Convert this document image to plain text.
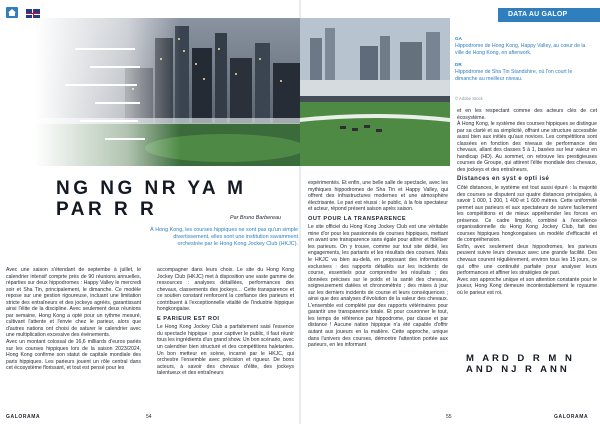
DATA AU GALOP
GA
Hippodrome de Hong Kong, Happy Valley, au cœur de la ville de Hong Kong, en afterwork.
DR
Hippodrome de Sha Tin Standshire, où l'on court le dimanche au meilleur niveau.
© Adobe Stock
NG NG NR YA M PAR R R	Par Bruno Barbereau
À Hong Kong, les courses hippiques ne sont pas qu'un simple divertissement, elles sont une institution savamment orchestrée par le Hong Kong Jockey Club (HKJC).

Avec une saison s'étendant de septembe à juillet, le calendrier intensif comprte près de 90 réunions annuelles, réparties sur deux hippodromes : Happy Valley le mercredi soir et Sha Tin, principalement, le dimanche. Ce modèle repose sur une gestion rigoureuse, incluant une limitation stricte des entraîneurs et des jockeys agréés, garantissant ainsi l'élite de la discipline. Avec seulement deux réunions par semaine, Hong Kong a opté pour un rythme mesuré, cultivant l'attente et l'envie chez le parieur, alors que d'autres nations ont choisi de saturer le calendrier avec une multiplication excessive des événements.

Avec un montant colossal de 16,6 milliards d'euros pariés sur les courses hippiques lors de la saison 2023/2024, Hong Kong confirme son statut de capitale mondiale des paris hippiques. Les parieurs jouent un rôle central dans cet écosystème florissant, et tout est pensé pour les

accompagner dans leurs choix. Le site du Hong Kong Jockey Club (HKJC) met à disposition une vaste gamme de ressources : analyses détaillées, performances des chevaux, classements des jockeys… Cette transparence et ce soutien constant renforcent la confiance des parieurs et contribuent à l'exceptionnelle vitalité de l'industrie hippique hongkongaise.

E PARIEUR EST ROI

Le Hong Kong Jockey Club a parfaitement saisi l'essence du spectacle hippique : pour captiver le public, il faut réunir tous les ingrédients d'un grand show. Un bon scénario, avec un calendrier bien structuré et des compétitions haletantes. Un bon metteur en scène, incarné par le HKJC, qui orchestre l'ensemble avec précision et rigueur. De bons acteurs, à savoir des chevaux d'élite, des jockeys talentueux et des entraîneurs

expérimentés. Et enfin, une belle salle de spectacle, avec les mythiques hippodromes de Sha Tin et Happy Valley, qui offrent des infrastructures modernes et une atmosphère électrisante. Le pari est réussi : le public, à la fois spectateur et acteur, répond présent saison après saison.

OUT POUR LA TRANSPARENCE

Le site officiel du Hong Kong Jockey Club est une véritable mine d'or pour les passionnés de courses hippiques, mettant en avant une transparence sans égale pour attirer et fidéliser les parieurs. On y trouve, comme sur tout site dédié, les engagements, les partants et les résultats des courses. Mais le HKJC va bien au-delà, en proposant des informations exclusives : des rapports détaillés sur les incidents de course, essentiels pour comprendre les résultats ; des données précises sur le poids et la santé des chevaux, soigneusement datées et chronométrés ; des mises à jour sur les derniers incidents de course et leurs conséquences ; ainsi que des analyses d'évolution de la valeur des chevaux. L'ensemble est complété par des rapports vétérinaires pour garantir une transparence totale. Et pour couronner le tout, les temps de référence par hippodrome, par classe et par distance ! Aucune nation hippique n'a été capable d'offrir autant aux joueurs en la matière. Cette approche, unique dans l'univers des courses, démontre l'attention portée aux parieurs, en les informant

et en les respectant comme des acteurs clés de cet écosystème.

À Hong Kong, le système des courses hippiques se distingue par sa clarté et sa simplicité, offrant une structure accessible aussi bien aux initiés qu'aux novices. Les compétitions sont classées en fonction des niveaux de performance des chevaux, allant des classes 5 à 1, basées sur leur valeur en handicap (HD). Au sommet, on retrouve les prestigieuses courses de Groupe, qui attirent l'élite mondiale des chevaux, des jockeys et des entraîneurs.

Distances en syst e opti isé

Côté distances, le système est tout aussi épuré : la majorité des courses se disputent sur quatre distances principales, à savoir 1 000, 1 200, 1 400 et 1 600 mètres. Cette uniformité permet aux parieurs et aux spectateurs de suivre facilement les compétitions et de mieux appréhender les forces en présence. Ce cadre limpide, combiné à l'excellence organisationnelle du Hong Kong Jockey Club, fait des courses hippiques hongkongaises un modèle d'efficacité et de compréhension.

Enfin, avec seulement deux hippodromes, les parieurs peuvent suivre leurs chevaux avec une grande facilité. Des chevaux courent régulièrement, environ tous les 15 jours, ce qui offre une continuité parfaite pour analyser leurs performances et affiner les stratégies de pari.

Avec son approche unique et son attention constante pour le joueur, Hong Kong demeure incontestablement le royaume où le parieur est roi.

M ARD D R M N AND NJ R ANN
GALORAMA	54	55	GALORAMA
